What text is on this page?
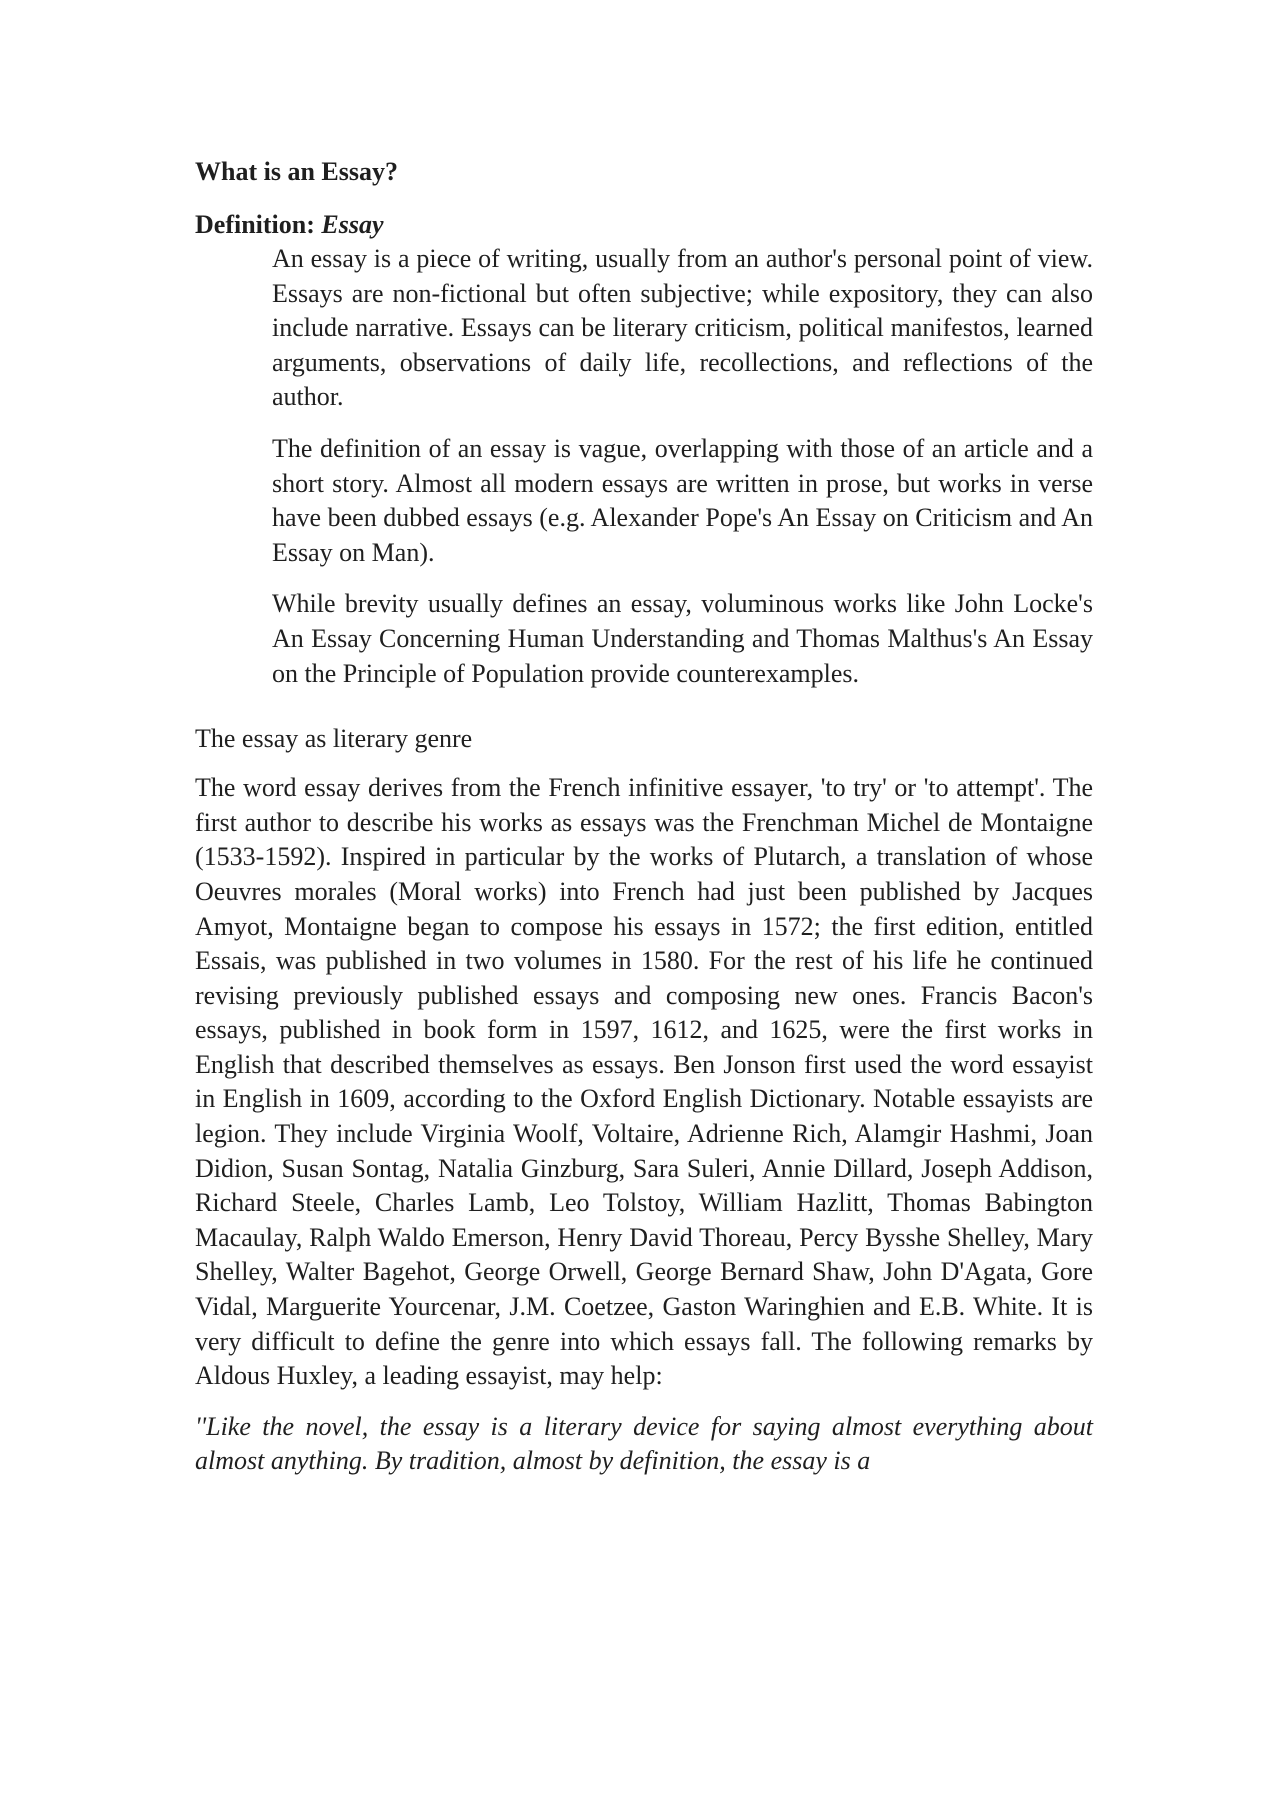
What is an Essay?
Definition: Essay

An essay is a piece of writing, usually from an author's personal point of view. Essays are non-fictional but often subjective; while expository, they can also include narrative. Essays can be literary criticism, political manifestos, learned arguments, observations of daily life, recollections, and reflections of the author.

The definition of an essay is vague, overlapping with those of an article and a short story. Almost all modern essays are written in prose, but works in verse have been dubbed essays (e.g. Alexander Pope's An Essay on Criticism and An Essay on Man).

While brevity usually defines an essay, voluminous works like John Locke's An Essay Concerning Human Understanding and Thomas Malthus's An Essay on the Principle of Population provide counterexamples.

The essay as literary genre

The word essay derives from the French infinitive essayer, 'to try' or 'to attempt'. The first author to describe his works as essays was the Frenchman Michel de Montaigne (1533-1592). Inspired in particular by the works of Plutarch, a translation of whose Oeuvres morales (Moral works) into French had just been published by Jacques Amyot, Montaigne began to compose his essays in 1572; the first edition, entitled Essais, was published in two volumes in 1580. For the rest of his life he continued revising previously published essays and composing new ones. Francis Bacon's essays, published in book form in 1597, 1612, and 1625, were the first works in English that described themselves as essays. Ben Jonson first used the word essayist in English in 1609, according to the Oxford English Dictionary. Notable essayists are legion. They include Virginia Woolf, Voltaire, Adrienne Rich, Alamgir Hashmi, Joan Didion, Susan Sontag, Natalia Ginzburg, Sara Suleri, Annie Dillard, Joseph Addison, Richard Steele, Charles Lamb, Leo Tolstoy, William Hazlitt, Thomas Babington Macaulay, Ralph Waldo Emerson, Henry David Thoreau, Percy Bysshe Shelley, Mary Shelley, Walter Bagehot, George Orwell, George Bernard Shaw, John D'Agata, Gore Vidal, Marguerite Yourcenar, J.M. Coetzee, Gaston Waringhien and E.B. White. It is very difficult to define the genre into which essays fall. The following remarks by Aldous Huxley, a leading essayist, may help:

''Like the novel, the essay is a literary device for saying almost everything about almost anything. By tradition, almost by definition, the essay is a
